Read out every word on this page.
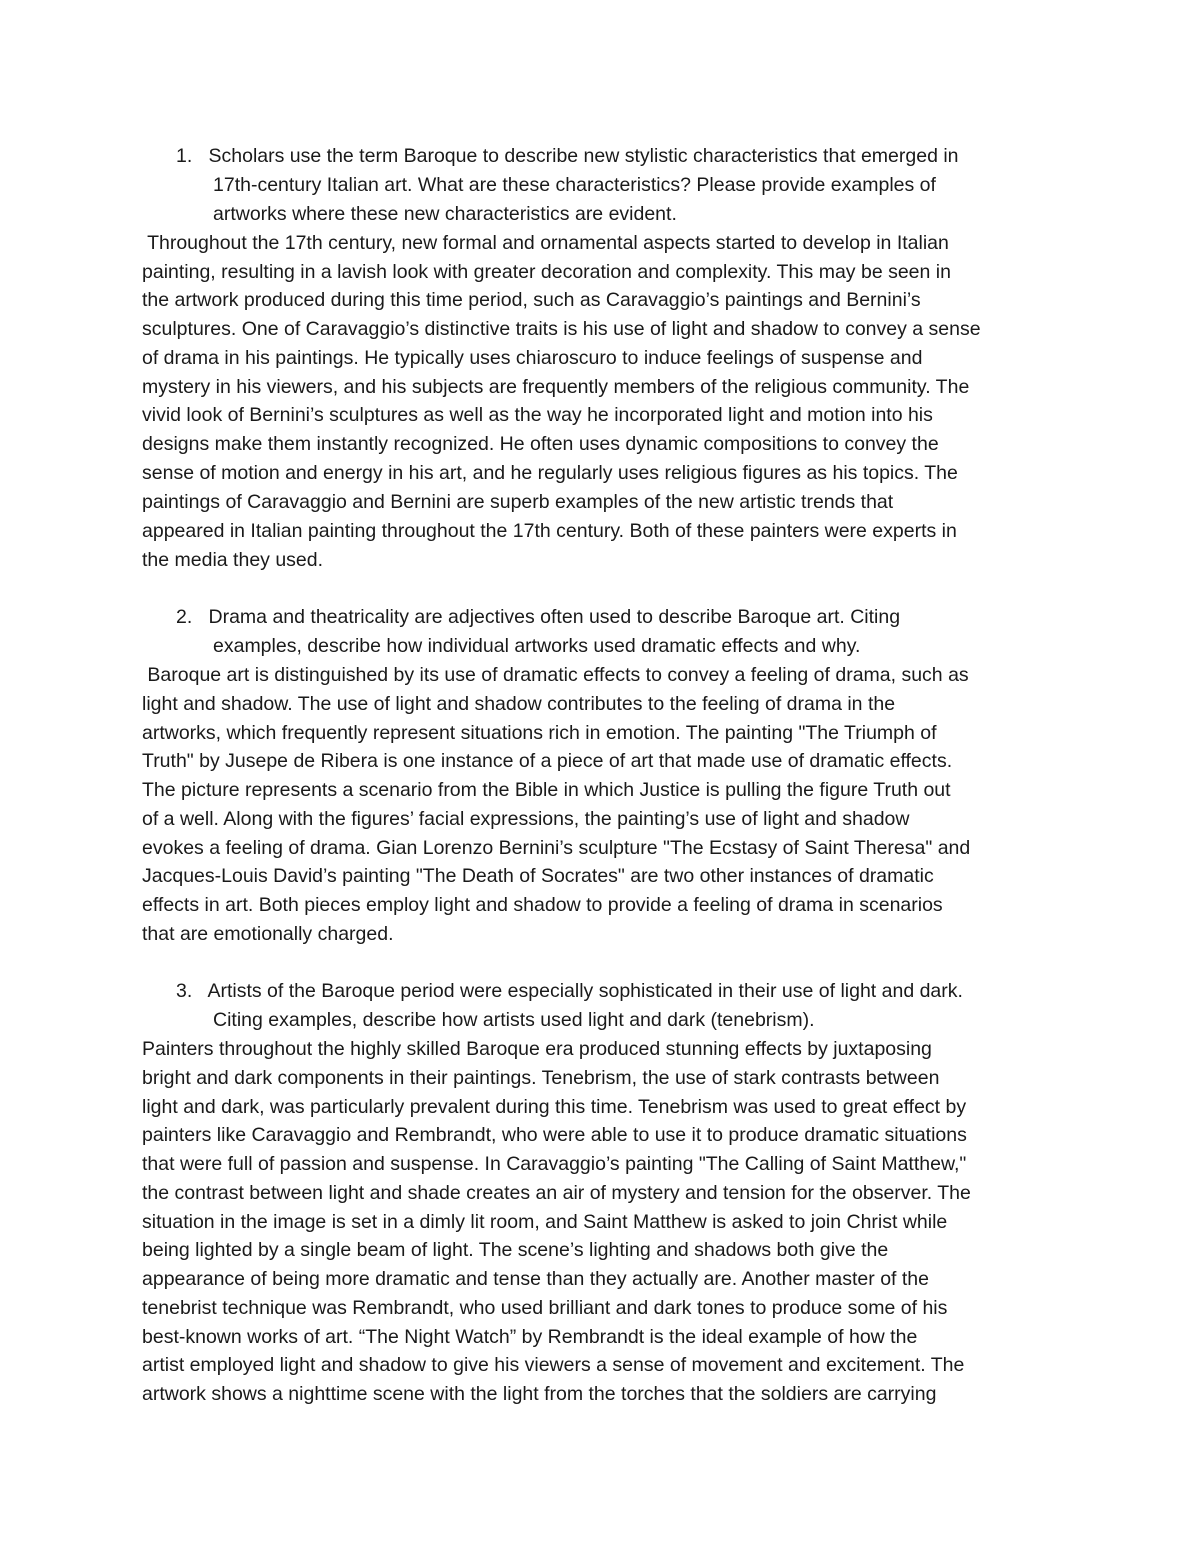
1.   Scholars use the term Baroque to describe new stylistic characteristics that emerged in
17th-century Italian art. What are these characteristics? Please provide examples of
artworks where these new characteristics are evident.
Throughout the 17th century, new formal and ornamental aspects started to develop in Italian
painting, resulting in a lavish look with greater decoration and complexity. This may be seen in
the artwork produced during this time period, such as Caravaggio’s paintings and Bernini’s
sculptures. One of Caravaggio’s distinctive traits is his use of light and shadow to convey a sense
of drama in his paintings. He typically uses chiaroscuro to induce feelings of suspense and
mystery in his viewers, and his subjects are frequently members of the religious community. The
vivid look of Bernini’s sculptures as well as the way he incorporated light and motion into his
designs make them instantly recognized. He often uses dynamic compositions to convey the
sense of motion and energy in his art, and he regularly uses religious figures as his topics. The
paintings of Caravaggio and Bernini are superb examples of the new artistic trends that
appeared in Italian painting throughout the 17th century. Both of these painters were experts in
the media they used.
2.   Drama and theatricality are adjectives often used to describe Baroque art. Citing
examples, describe how individual artworks used dramatic effects and why.
Baroque art is distinguished by its use of dramatic effects to convey a feeling of drama, such as
light and shadow. The use of light and shadow contributes to the feeling of drama in the
artworks, which frequently represent situations rich in emotion. The painting "The Triumph of
Truth" by Jusepe de Ribera is one instance of a piece of art that made use of dramatic effects.
The picture represents a scenario from the Bible in which Justice is pulling the figure Truth out
of a well. Along with the figures’ facial expressions, the painting’s use of light and shadow
evokes a feeling of drama. Gian Lorenzo Bernini’s sculpture "The Ecstasy of Saint Theresa" and
Jacques-Louis David’s painting "The Death of Socrates" are two other instances of dramatic
effects in art. Both pieces employ light and shadow to provide a feeling of drama in scenarios
that are emotionally charged.
3.   Artists of the Baroque period were especially sophisticated in their use of light and dark.
Citing examples, describe how artists used light and dark (tenebrism).
Painters throughout the highly skilled Baroque era produced stunning effects by juxtaposing
bright and dark components in their paintings. Tenebrism, the use of stark contrasts between
light and dark, was particularly prevalent during this time. Tenebrism was used to great effect by
painters like Caravaggio and Rembrandt, who were able to use it to produce dramatic situations
that were full of passion and suspense. In Caravaggio’s painting "The Calling of Saint Matthew,"
the contrast between light and shade creates an air of mystery and tension for the observer. The
situation in the image is set in a dimly lit room, and Saint Matthew is asked to join Christ while
being lighted by a single beam of light. The scene’s lighting and shadows both give the
appearance of being more dramatic and tense than they actually are. Another master of the
tenebrist technique was Rembrandt, who used brilliant and dark tones to produce some of his
best-known works of art. “The Night Watch” by Rembrandt is the ideal example of how the
artist employed light and shadow to give his viewers a sense of movement and excitement. The
artwork shows a nighttime scene with the light from the torches that the soldiers are carrying
